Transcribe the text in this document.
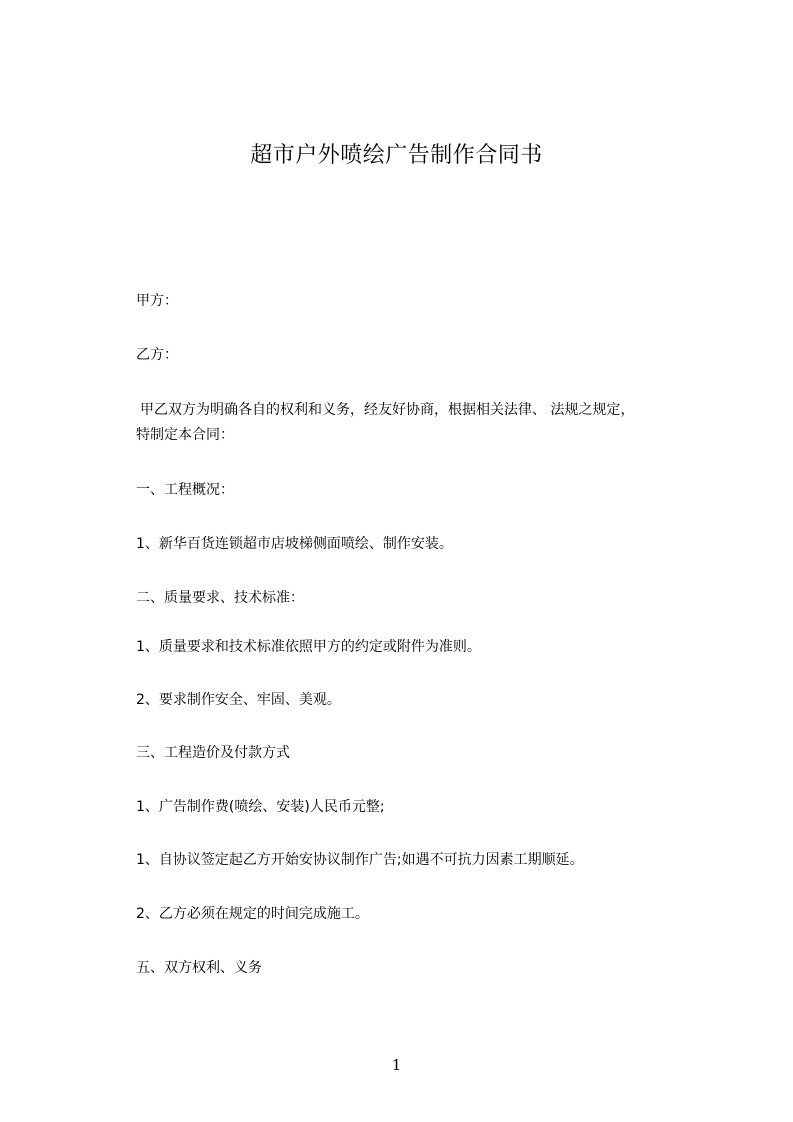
超市户外喷绘广告制作合同书
甲方：
乙方：
甲乙双方为明确各自的权利和义务，经友好协商，根据相关法律、 法规之规定，
特制定本合同：
一、工程概况：
1、新华百货连锁超市店坡梯侧面喷绘、制作安装。
二、质量要求、技术标准：
1、质量要求和技术标准依照甲方的约定或附件为准则。
2、要求制作安全、牢固、美观。
三、工程造价及付款方式
1、广告制作费(喷绘、安装)人民币元整;
1、自协议签定起乙方开始安协议制作广告;如遇不可抗力因素工期顺延。
2、乙方必须在规定的时间完成施工。
五、双方权利、义务
1
